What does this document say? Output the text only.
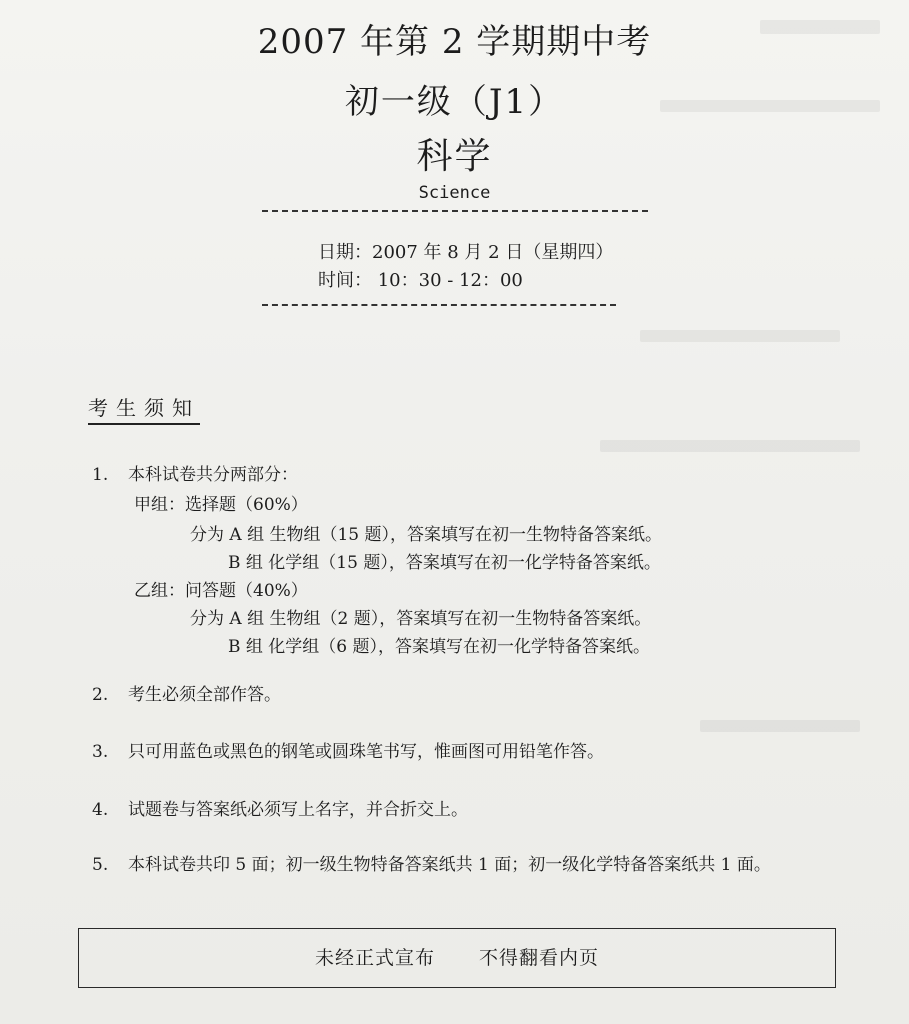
2007 年第 2 学期期中考
初一级（J1）
科学
Science
日期：2007 年 8 月 2 日（星期四）
时间： 10：30 - 12：00
考生须知
1. 本科试卷共分两部分：
甲组：选择题（60%）
分为 A 组 生物组（15 题），答案填写在初一生物特备答案纸。
B 组 化学组（15 题），答案填写在初一化学特备答案纸。
乙组：问答题（40%）
分为 A 组 生物组（2 题），答案填写在初一生物特备答案纸。
B 组 化学组（6 题），答案填写在初一化学特备答案纸。
2. 考生必须全部作答。
3. 只可用蓝色或黑色的钢笔或圆珠笔书写，惟画图可用铅笔作答。
4. 试题卷与答案纸必须写上名字，并合折交上。
5. 本科试卷共印 5 面；初一级生物特备答案纸共 1 面；初一级化学特备答案纸共 1 面。
未经正式宣布 不得翻看内页
